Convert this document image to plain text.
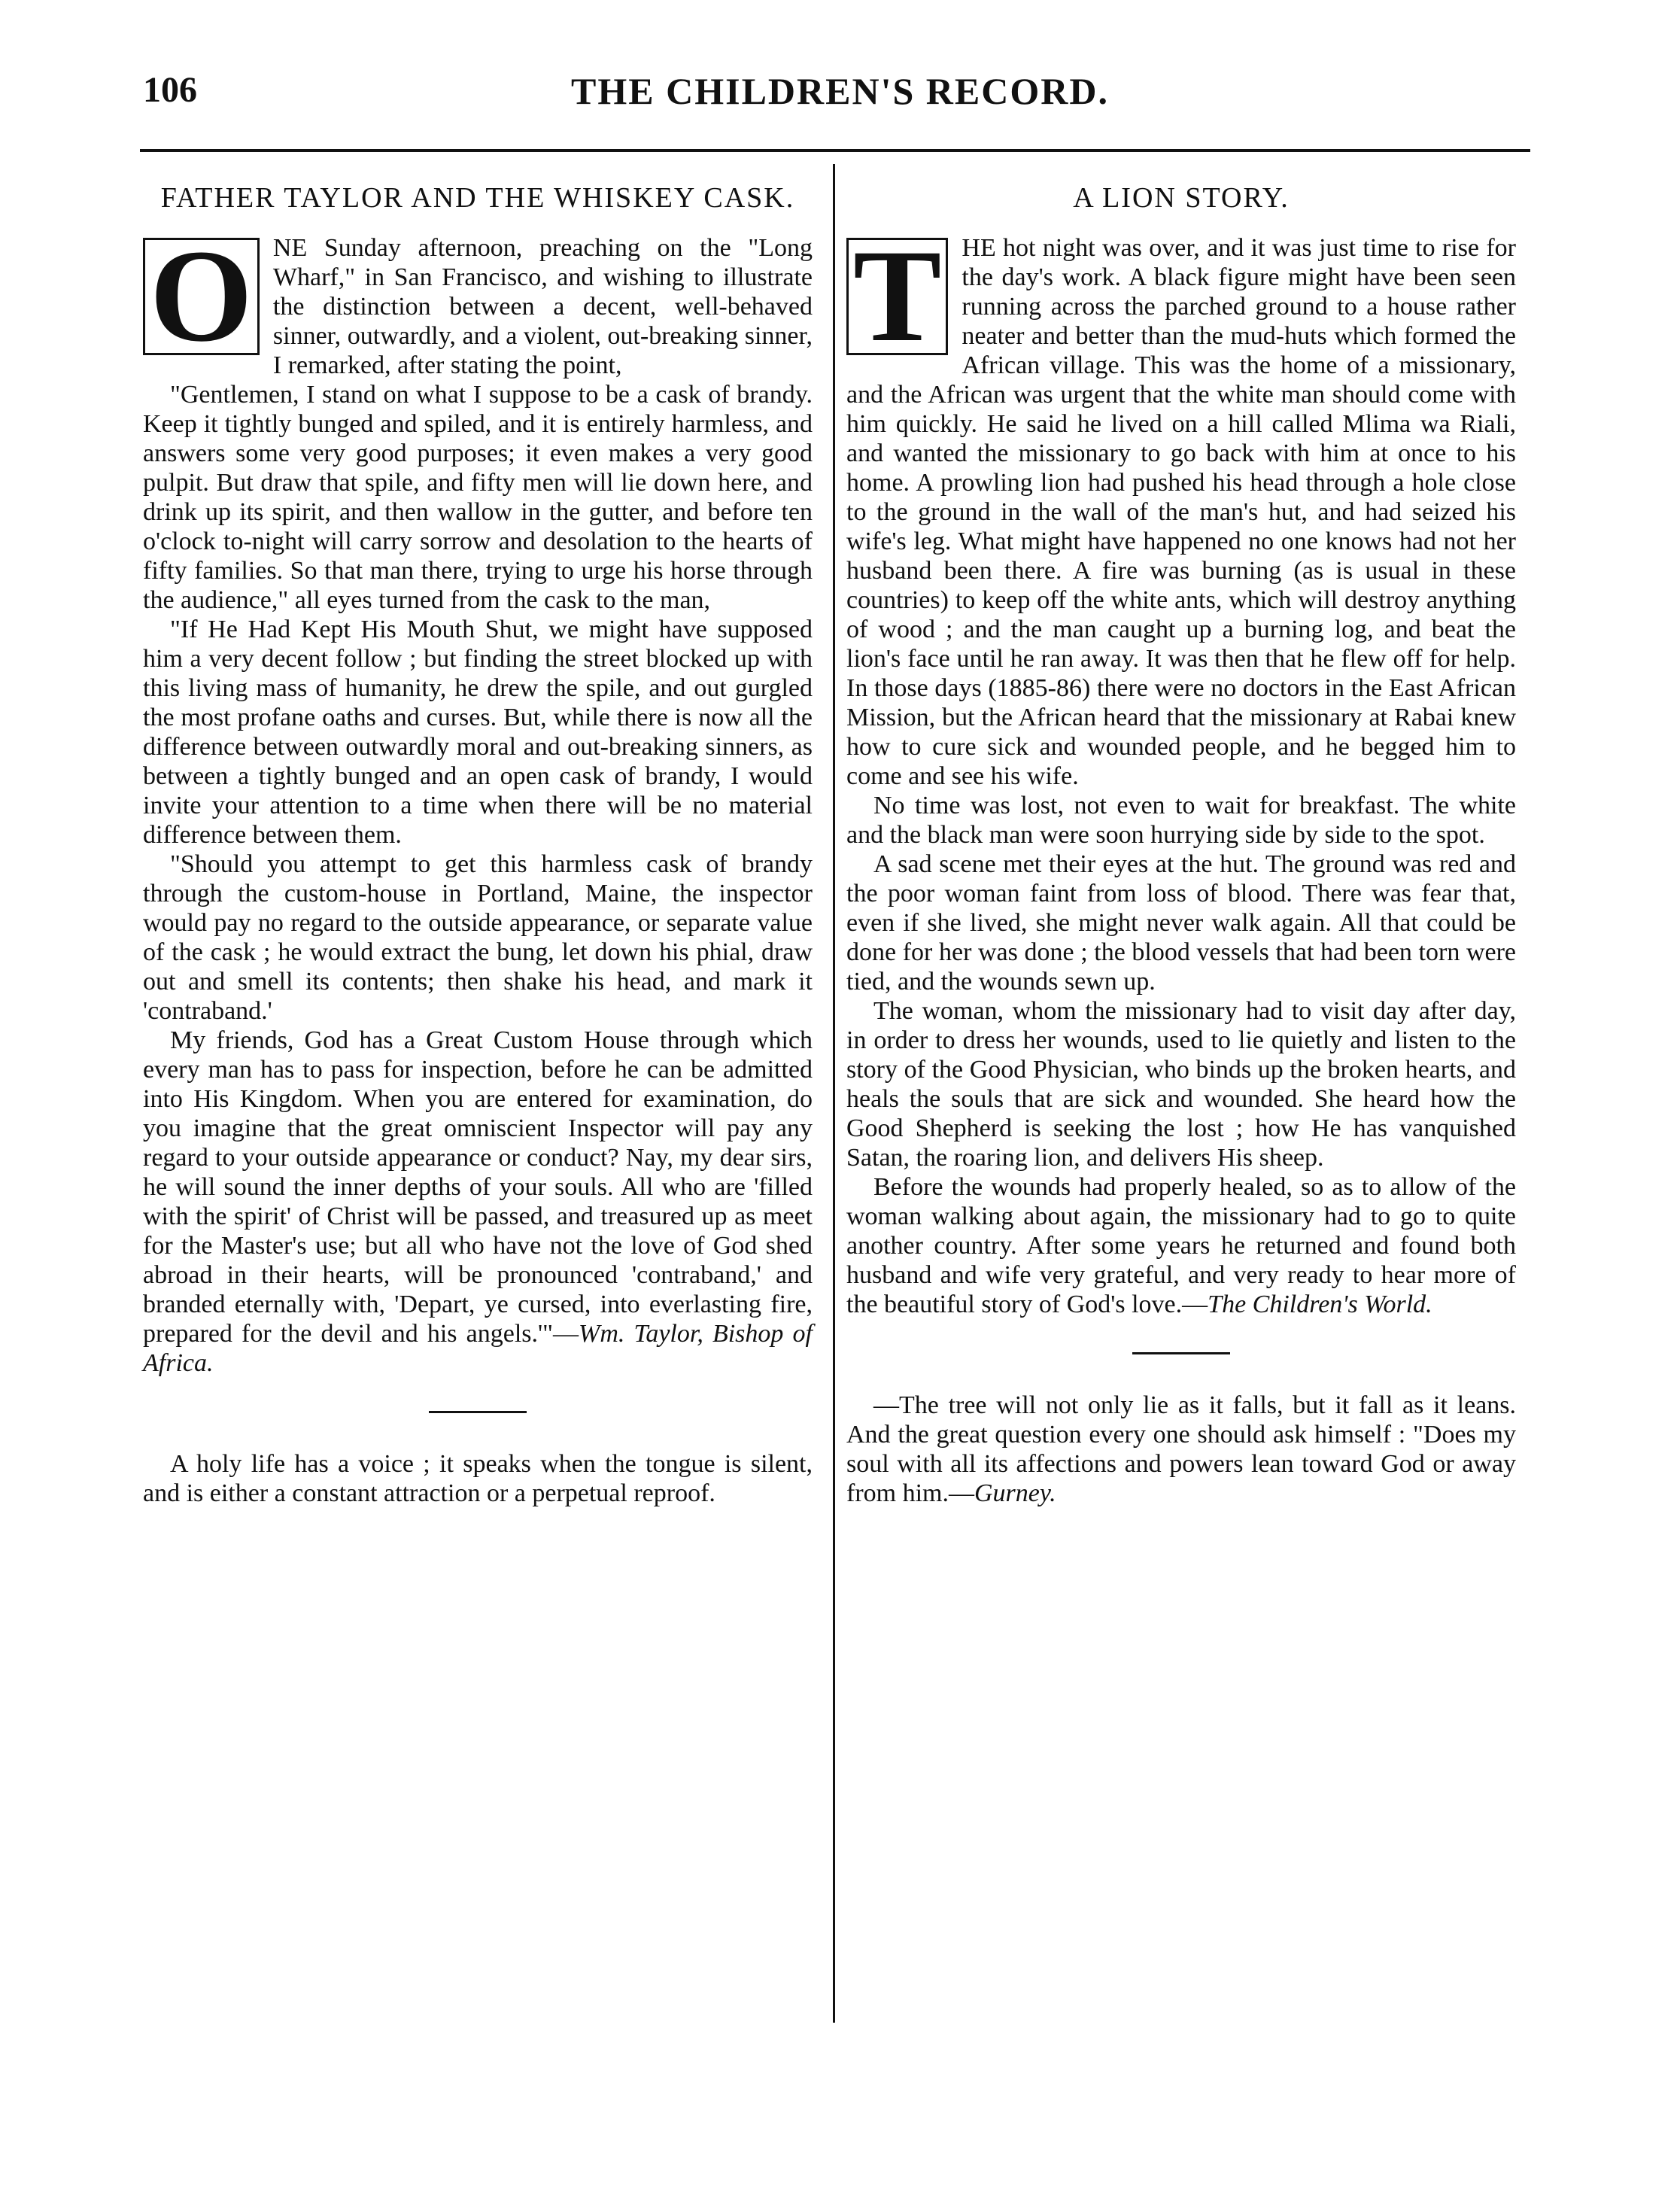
106	THE CHILDREN'S RECORD.
FATHER TAYLOR AND THE WHISKEY CASK.

O NE Sunday afternoon, preaching on the "Long Wharf," in San Francisco, and wishing to illustrate the distinction between a decent, well-behaved sinner, outwardly, and a violent, out-breaking sinner, I remarked, after stating the point,

"Gentlemen, I stand on what I suppose to be a cask of brandy. Keep it tightly bunged and spiled, and it is entirely harmless, and answers some very good purposes; it even makes a very good pulpit. But draw that spile, and fifty men will lie down here, and drink up its spirit, and then wallow in the gutter, and before ten o'clock to-night will carry sorrow and desolation to the hearts of fifty families. So that man there, trying to urge his horse through the audience," all eyes turned from the cask to the man,

"If He Had Kept His Mouth Shut, we might have supposed him a very decent follow ; but finding the street blocked up with this living mass of humanity, he drew the spile, and out gurgled the most profane oaths and curses. But, while there is now all the difference between outwardly moral and out-breaking sinners, as between a tightly bunged and an open cask of brandy, I would invite your attention to a time when there will be no material difference between them.

"Should you attempt to get this harmless cask of brandy through the custom-house in Portland, Maine, the inspector would pay no regard to the outside appearance, or separate value of the cask ; he would extract the bung, let down his phial, draw out and smell its contents; then shake his head, and mark it 'contraband.'

My friends, God has a Great Custom House through which every man has to pass for inspection, before he can be admitted into His Kingdom. When you are entered for examination, do you imagine that the great omniscient Inspector will pay any regard to your outside appearance or conduct? Nay, my dear sirs, he will sound the inner depths of your souls. All who are 'filled with the spirit' of Christ will be passed, and treasured up as meet for the Master's use; but all who have not the love of God shed abroad in their hearts, will be pronounced 'contraband,' and branded eternally with, 'Depart, ye cursed, into everlasting fire, prepared for the devil and his angels.'"—Wm. Taylor, Bishop of Africa.

A holy life has a voice ; it speaks when the tongue is silent, and is either a constant attraction or a perpetual reproof.

A LION STORY.

T HE hot night was over, and it was just time to rise for the day's work. A black figure might have been seen running across the parched ground to a house rather neater and better than the mud-huts which formed the African village. This was the home of a missionary, and the African was urgent that the white man should come with him quickly. He said he lived on a hill called Mlima wa Riali, and wanted the missionary to go back with him at once to his home. A prowling lion had pushed his head through a hole close to the ground in the wall of the man's hut, and had seized his wife's leg. What might have happened no one knows had not her husband been there. A fire was burning (as is usual in these countries) to keep off the white ants, which will destroy anything of wood ; and the man caught up a burning log, and beat the lion's face until he ran away. It was then that he flew off for help. In those days (1885-86) there were no doctors in the East African Mission, but the African heard that the missionary at Rabai knew how to cure sick and wounded people, and he begged him to come and see his wife.

No time was lost, not even to wait for breakfast. The white and the black man were soon hurrying side by side to the spot.

A sad scene met their eyes at the hut. The ground was red and the poor woman faint from loss of blood. There was fear that, even if she lived, she might never walk again. All that could be done for her was done ; the blood vessels that had been torn were tied, and the wounds sewn up.

The woman, whom the missionary had to visit day after day, in order to dress her wounds, used to lie quietly and listen to the story of the Good Physician, who binds up the broken hearts, and heals the souls that are sick and wounded. She heard how the Good Shepherd is seeking the lost ; how He has vanquished Satan, the roaring lion, and delivers His sheep.

Before the wounds had properly healed, so as to allow of the woman walking about again, the missionary had to go to quite another country. After some years he returned and found both husband and wife very grateful, and very ready to hear more of the beautiful story of God's love.—The Children's World.

—The tree will not only lie as it falls, but it fall as it leans. And the great question every one should ask himself : "Does my soul with all its affections and powers lean toward God or away from him.—Gurney.
